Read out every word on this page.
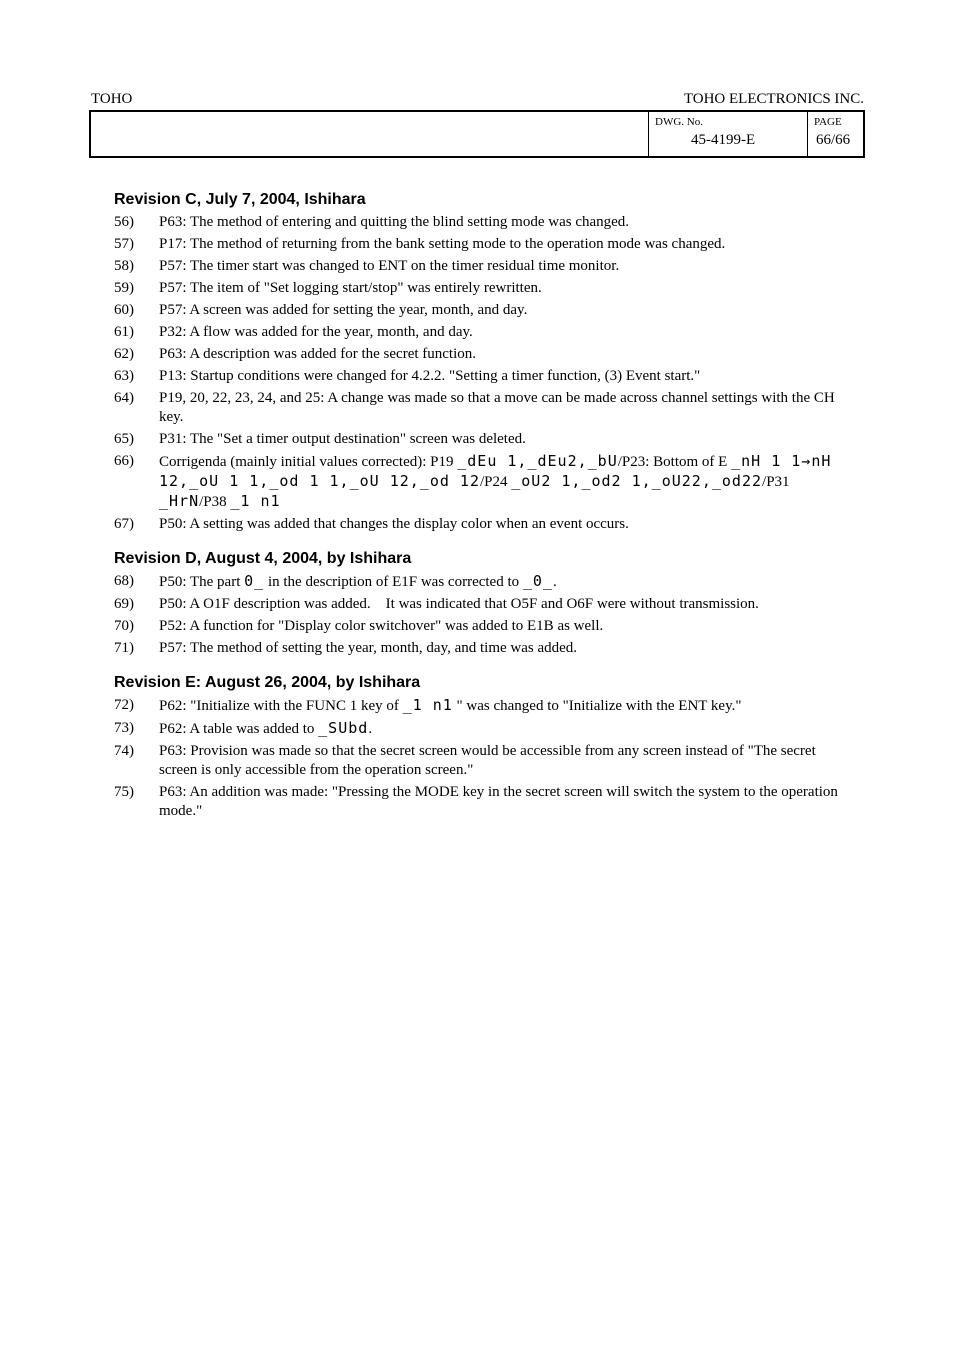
TOHO	TOHO ELECTRONICS INC.
DWG. No.
45-4199-E
PAGE
66/66
Revision C, July 7, 2004, Ishihara
56)	P63: The method of entering and quitting the blind setting mode was changed.
57)	P17: The method of returning from the bank setting mode to the operation mode was changed.
58)	P57: The timer start was changed to ENT on the timer residual time monitor.
59)	P57: The item of "Set logging start/stop" was entirely rewritten.
60)	P57: A screen was added for setting the year, month, and day.
61)	P32: A flow was added for the year, month, and day.
62)	P63: A description was added for the secret function.
63)	P13: Startup conditions were changed for 4.2.2. "Setting a timer function, (3) Event start."
64)	P19, 20, 22, 23, 24, and 25: A change was made so that a move can be made across channel settings with the CH key.
65)	P31: The "Set a timer output destination" screen was deleted.
66)	Corrigenda (mainly initial values corrected): P19 _dEu 1,_dEu2,_bU/P23: Bottom of E _nH 1 1→nH 12,_oU 1 1,_od 1 1,_oU 12,_od 12/P24 _oU2 1,_od2 1,_oU22,_od22/P31 _HrN/P38 _1 n1
67)	P50: A setting was added that changes the display color when an event occurs.
Revision D, August 4, 2004, by Ishihara
68)	P50: The part 0_ in the description of E1F was corrected to _0_.
69)	P50: A O1F description was added.    It was indicated that O5F and O6F were without transmission.
70)	P52: A function for "Display color switchover" was added to E1B as well.
71)	P57: The method of setting the year, month, day, and time was added.
Revision E: August 26, 2004, by Ishihara
72)	P62: "Initialize with the FUNC 1 key of _1 n1 " was changed to "Initialize with the ENT key."
73)	P62: A table was added to _SUbd.
74)	P63: Provision was made so that the secret screen would be accessible from any screen instead of "The secret screen is only accessible from the operation screen."
75)	P63: An addition was made: "Pressing the MODE key in the secret screen will switch the system to the operation mode."
